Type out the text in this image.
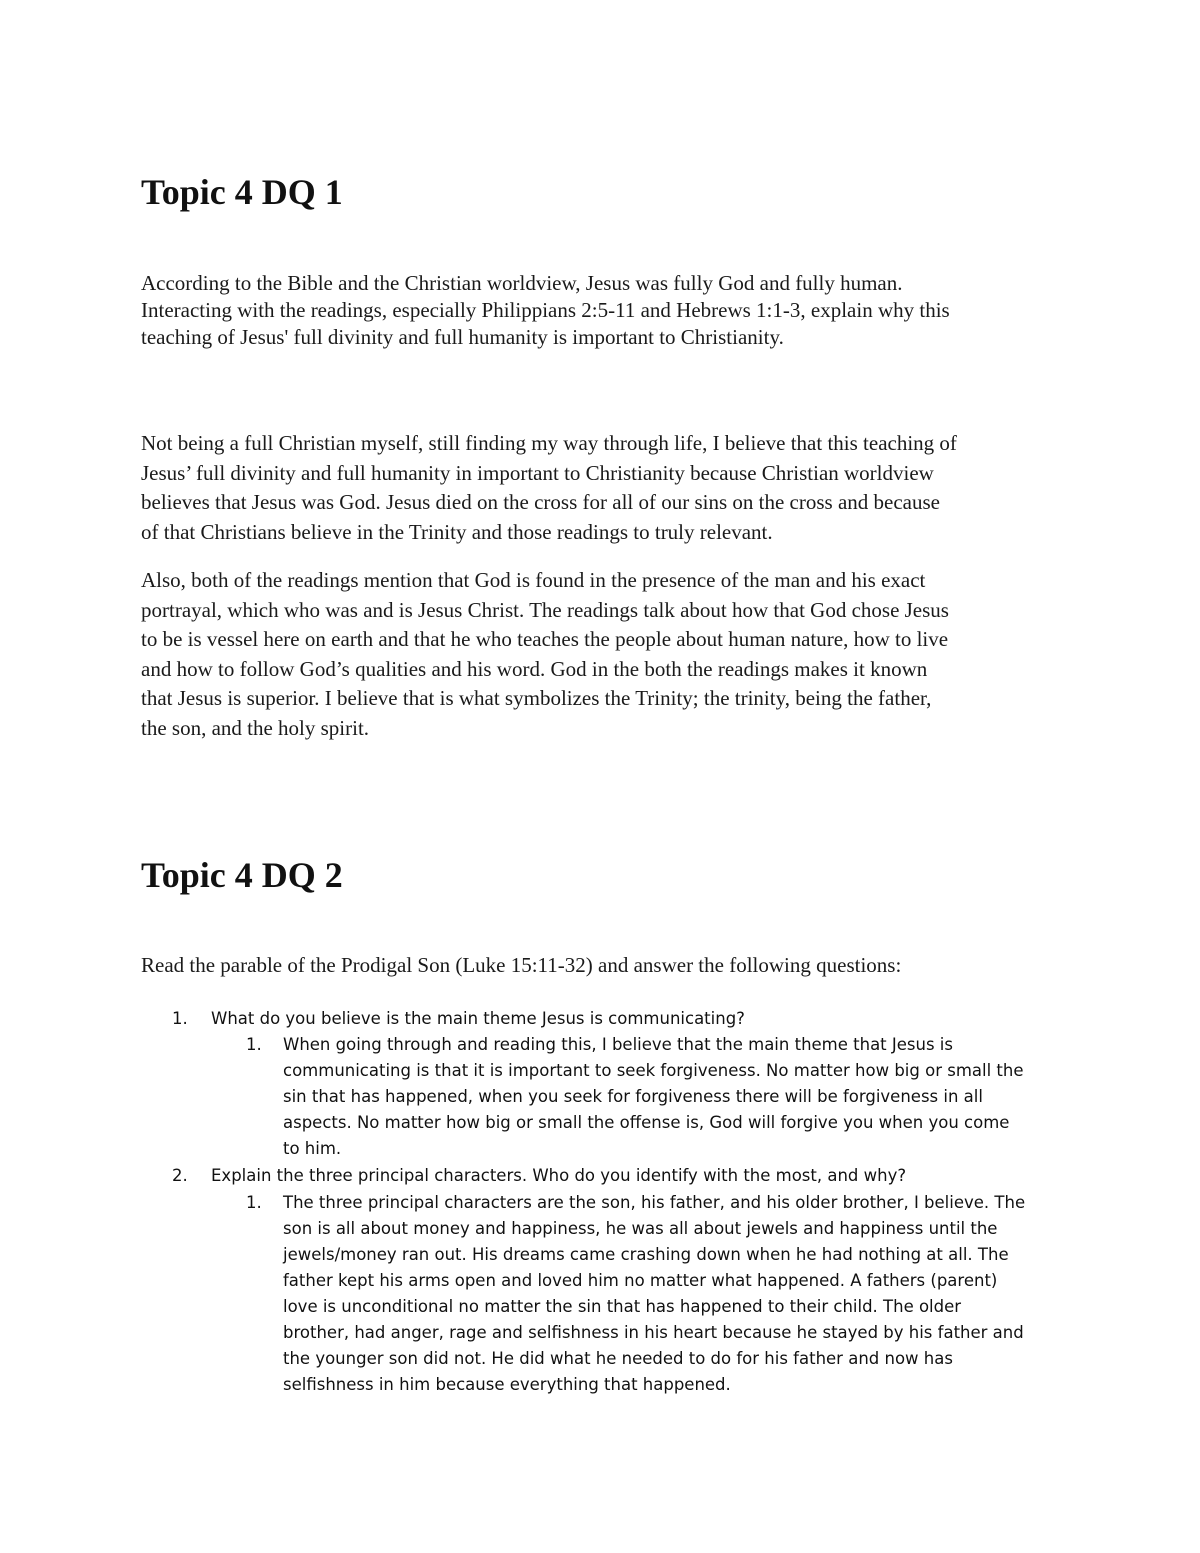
Topic 4 DQ 1
According to the Bible and the Christian worldview, Jesus was fully God and fully human.
Interacting with the readings, especially Philippians 2:5-11 and Hebrews 1:1-3, explain why this
teaching of Jesus' full divinity and full humanity is important to Christianity.
Not being a full Christian myself, still finding my way through life, I believe that this teaching of
Jesus’ full divinity and full humanity in important to Christianity because Christian worldview
believes that Jesus was God. Jesus died on the cross for all of our sins on the cross and because
of that Christians believe in the Trinity and those readings to truly relevant.
Also, both of the readings mention that God is found in the presence of the man and his exact
portrayal, which who was and is Jesus Christ. The readings talk about how that God chose Jesus
to be is vessel here on earth and that he who teaches the people about human nature, how to live
and how to follow God’s qualities and his word. God in the both the readings makes it known
that Jesus is superior. I believe that is what symbolizes the Trinity; the trinity, being the father,
the son, and the holy spirit.
Topic 4 DQ 2
Read the parable of the Prodigal Son (Luke 15:11-32) and answer the following questions:
1.	What do you believe is the main theme Jesus is communicating?
1.	When going through and reading this, I believe that the main theme that Jesus is
communicating is that it is important to seek forgiveness. No matter how big or small the
sin that has happened, when you seek for forgiveness there will be forgiveness in all
aspects. No matter how big or small the offense is, God will forgive you when you come
to him.
2.	Explain the three principal characters. Who do you identify with the most, and why?
1.	The three principal characters are the son, his father, and his older brother, I believe. The
son is all about money and happiness, he was all about jewels and happiness until the
jewels/money ran out. His dreams came crashing down when he had nothing at all. The
father kept his arms open and loved him no matter what happened. A fathers (parent)
love is unconditional no matter the sin that has happened to their child. The older
brother, had anger, rage and selfishness in his heart because he stayed by his father and
the younger son did not. He did what he needed to do for his father and now has
selfishness in him because everything that happened.
